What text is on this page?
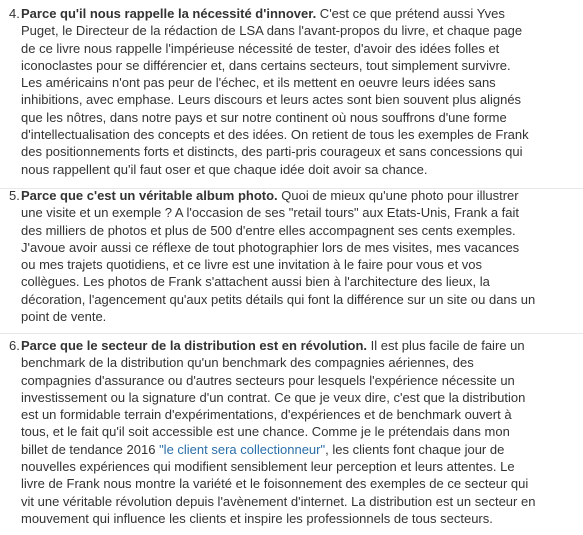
4. Parce qu'il nous rappelle la nécessité d'innover. C'est ce que prétend aussi Yves
Puget, le Directeur de la rédaction de LSA dans l'avant-propos du livre, et chaque page
de ce livre nous rappelle l'impérieuse nécessité de tester, d'avoir des idées folles et
iconoclastes pour se différencier et, dans certains secteurs, tout simplement survivre.
Les américains n'ont pas peur de l'échec, et ils mettent en oeuvre leurs idées sans
inhibitions, avec emphase. Leurs discours et leurs actes sont bien souvent plus alignés
que les nôtres, dans notre pays et sur notre continent où nous souffrons d'une forme
d'intellectualisation des concepts et des idées. On retient de tous les exemples de Frank
des positionnements forts et distincts, des parti-pris courageux et sans concessions qui
nous rappellent qu'il faut oser et que chaque idée doit avoir sa chance.
5. Parce que c'est un véritable album photo. Quoi de mieux qu'une photo pour illustrer
une visite et un exemple ? A l'occasion de ses "retail tours" aux Etats-Unis, Frank a fait
des milliers de photos et plus de 500 d'entre elles accompagnent ses cents exemples.
J'avoue avoir aussi ce réflexe de tout photographier lors de mes visites, mes vacances
ou mes trajets quotidiens, et ce livre est une invitation à le faire pour vous et vos
collègues. Les photos de Frank s'attachent aussi bien à l'architecture des lieux, la
décoration, l'agencement qu'aux petits détails qui font la différence sur un site ou dans un
point de vente.
6. Parce que le secteur de la distribution est en révolution. Il est plus facile de faire un
benchmark de la distribution qu'un benchmark des compagnies aériennes, des
compagnies d'assurance ou d'autres secteurs pour lesquels l'expérience nécessite un
investissement ou la signature d'un contrat. Ce que je veux dire, c'est que la distribution
est un formidable terrain d'expérimentations, d'expériences et de benchmark ouvert à
tous, et le fait qu'il soit accessible est une chance. Comme je le prétendais dans mon
billet de tendance 2016 "le client sera collectionneur", les clients font chaque jour de
nouvelles expériences qui modifient sensiblement leur perception et leurs attentes. Le
livre de Frank nous montre la variété et le foisonnement des exemples de ce secteur qui
vit une véritable révolution depuis l'avènement d'internet. La distribution est un secteur en
mouvement qui influence les clients et inspire les professionnels de tous secteurs.
